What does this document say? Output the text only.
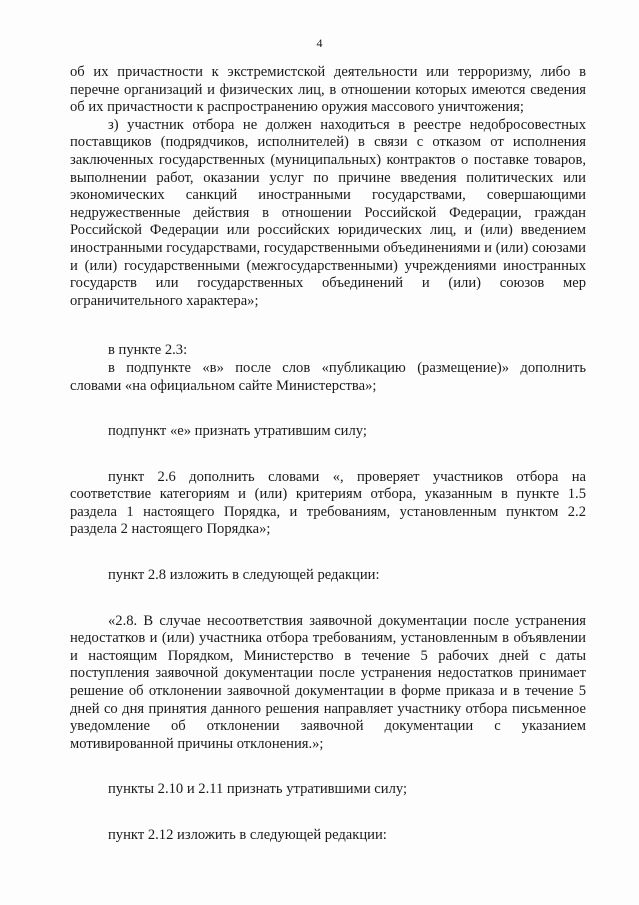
4

об их причастности к экстремистской деятельности или терроризму, либо в перечне организаций и физических лиц, в отношении которых имеются сведения об их причастности к распространению оружия массового уничтожения;

з) участник отбора не должен находиться в реестре недобросовестных поставщиков (подрядчиков, исполнителей) в связи с отказом от исполнения заключенных государственных (муниципальных) контрактов о поставке товаров, выполнении работ, оказании услуг по причине введения политических или экономических санкций иностранными государствами, совершающими недружественные действия в отношении Российской Федерации, граждан Российской Федерации или российских юридических лиц, и (или) введением иностранными государствами, государственными объединениями и (или) союзами и (или) государственными (межгосударственными) учреждениями иностранных государств или государственных объединений и (или) союзов мер ограничительного характера»;

в пункте 2.3:

в подпункте «в» после слов «публикацию (размещение)» дополнить словами «на официальном сайте Министерства»;

подпункт «е» признать утратившим силу;

пункт 2.6 дополнить словами «, проверяет участников отбора на соответствие категориям и (или) критериям отбора, указанным в пункте 1.5 раздела 1 настоящего Порядка, и требованиям, установленным пунктом 2.2 раздела 2 настоящего Порядка»;

пункт 2.8 изложить в следующей редакции:

«2.8. В случае несоответствия заявочной документации после устранения недостатков и (или) участника отбора требованиям, установленным в объявлении и настоящим Порядком, Министерство в течение 5 рабочих дней с даты поступления заявочной документации после устранения недостатков принимает решение об отклонении заявочной документации в форме приказа и в течение 5 дней со дня принятия данного решения направляет участнику отбора письменное уведомление об отклонении заявочной документации с указанием мотивированной причины отклонения.»;

пункты 2.10 и 2.11 признать утратившими силу;

пункт 2.12 изложить в следующей редакции:
